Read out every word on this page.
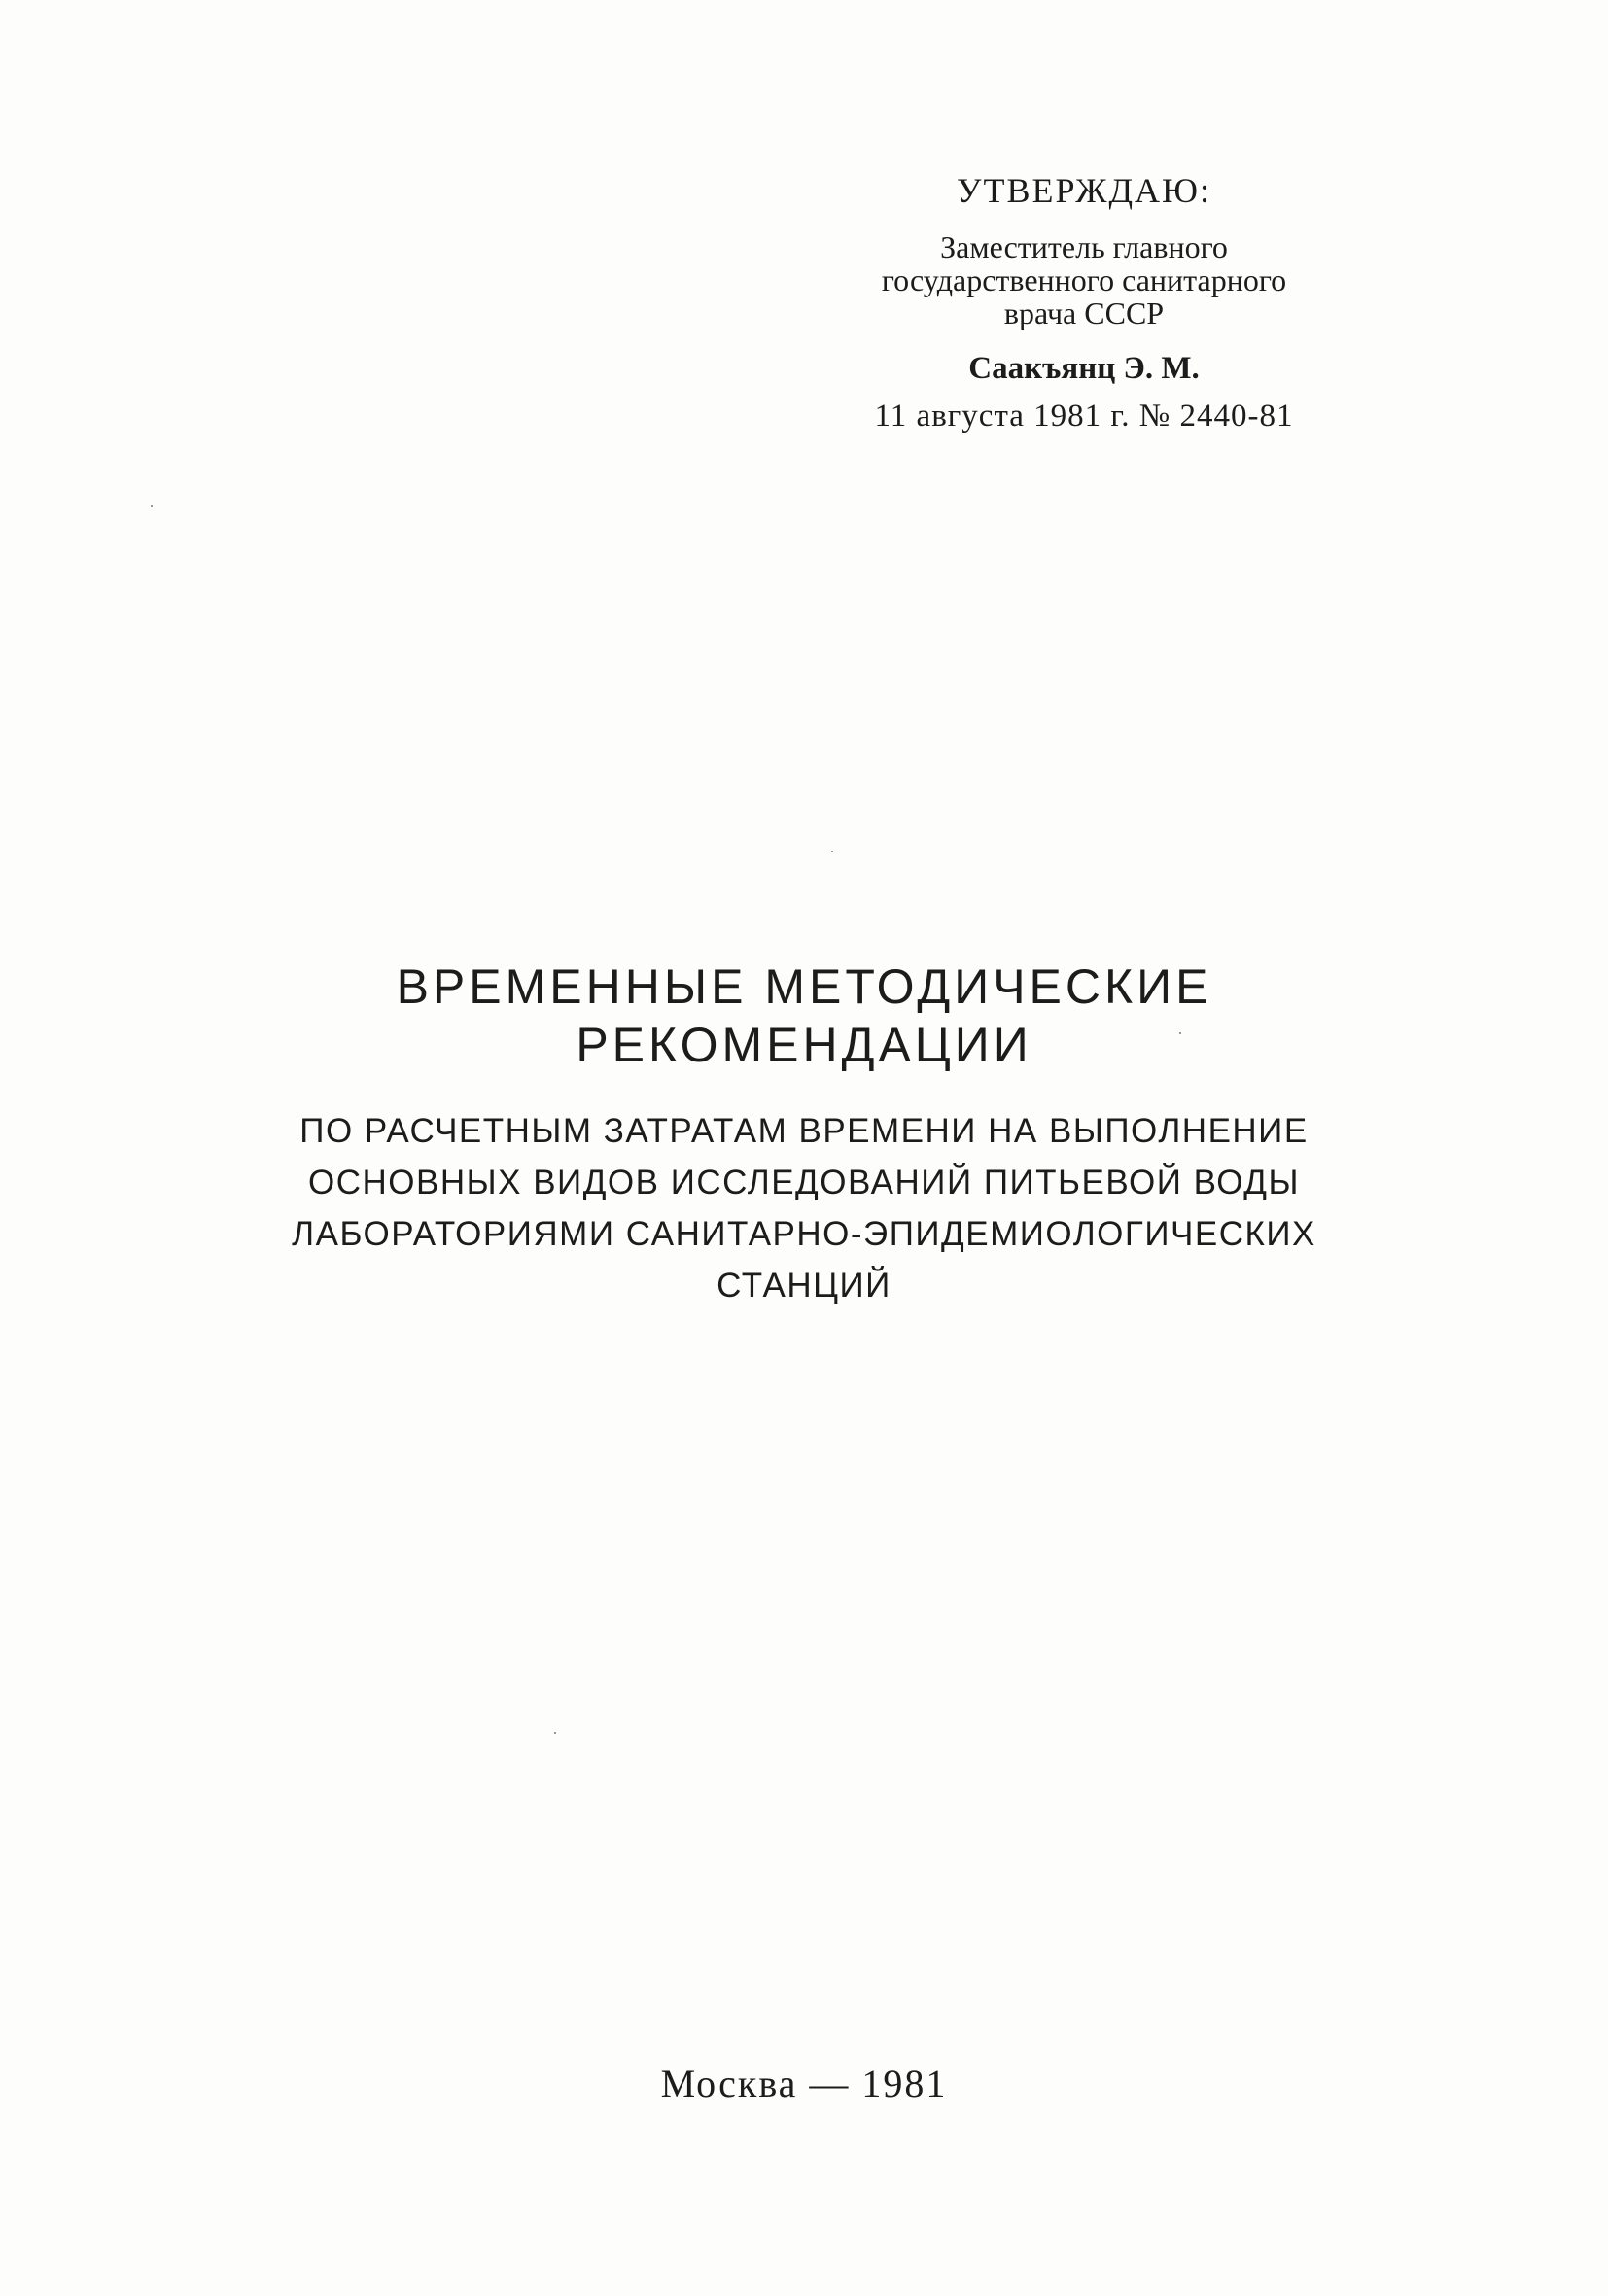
УТВЕРЖДАЮ:
Заместитель главного
государственного санитарного
врача СССР
Саакъянц Э. М.
11 августа 1981 г. № 2440-81
ВРЕМЕННЫЕ МЕТОДИЧЕСКИЕ
РЕКОМЕНДАЦИИ
ПО РАСЧЕТНЫМ ЗАТРАТАМ ВРЕМЕНИ НА ВЫПОЛНЕНИЕ
ОСНОВНЫХ ВИДОВ ИССЛЕДОВАНИЙ ПИТЬЕВОЙ ВОДЫ
ЛАБОРАТОРИЯМИ САНИТАРНО-ЭПИДЕМИОЛОГИЧЕСКИХ
СТАНЦИЙ
Москва — 1981
